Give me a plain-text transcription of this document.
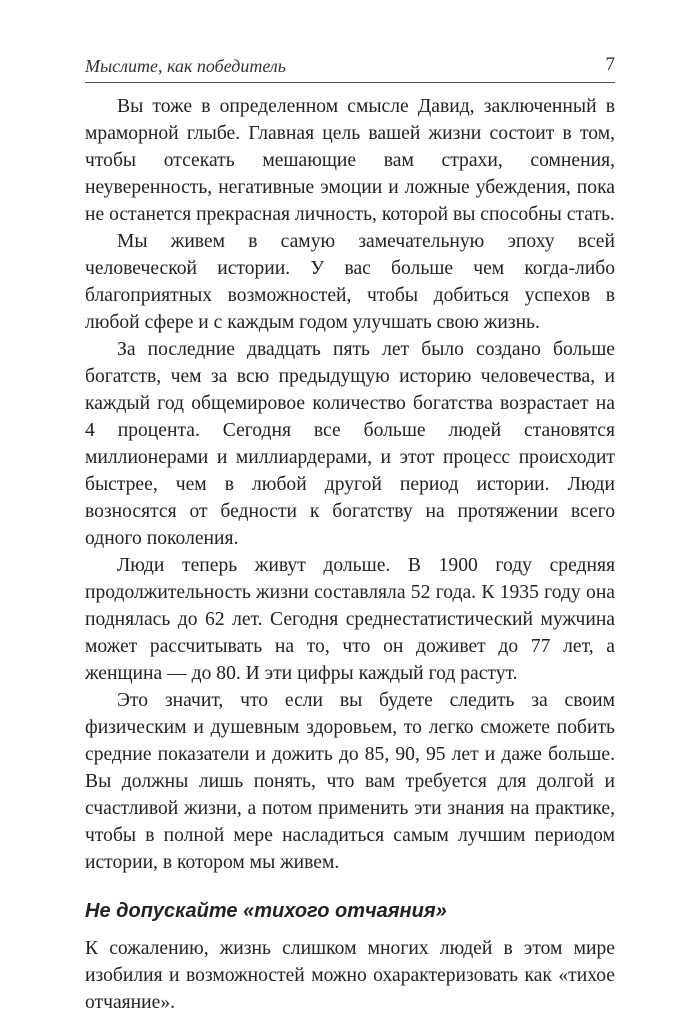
Мыслите, как победитель	7

Вы тоже в определенном смысле Давид, заключенный в мраморной глыбе. Главная цель вашей жизни состоит в том, чтобы отсекать мешающие вам страхи, сомнения, неуверенность, негативные эмоции и ложные убеждения, пока не останется прекрасная личность, которой вы способны стать.

Мы живем в самую замечательную эпоху всей человеческой истории. У вас больше чем когда-либо благоприятных возможностей, чтобы добиться успехов в любой сфере и с каждым годом улучшать свою жизнь.

За последние двадцать пять лет было создано больше богатств, чем за всю предыдущую историю человечества, и каждый год общемировое количество богатства возрастает на 4 процента. Сегодня все больше людей становятся миллионерами и миллиардерами, и этот процесс происходит быстрее, чем в любой другой период истории. Люди возносятся от бедности к богатству на протяжении всего одного поколения.

Люди теперь живут дольше. В 1900 году средняя продолжительность жизни составляла 52 года. К 1935 году она поднялась до 62 лет. Сегодня среднестатистический мужчина может рассчитывать на то, что он доживет до 77 лет, а женщина — до 80. И эти цифры каждый год растут.

Это значит, что если вы будете следить за своим физическим и душевным здоровьем, то легко сможете побить средние показатели и дожить до 85, 90, 95 лет и даже больше. Вы должны лишь понять, что вам требуется для долгой и счастливой жизни, а потом применить эти знания на практике, чтобы в полной мере насладиться самым лучшим периодом истории, в котором мы живем.

Не допускайте «тихого отчаяния»

К сожалению, жизнь слишком многих людей в этом мире изобилия и возможностей можно охарактеризовать как «тихое отчаяние».
